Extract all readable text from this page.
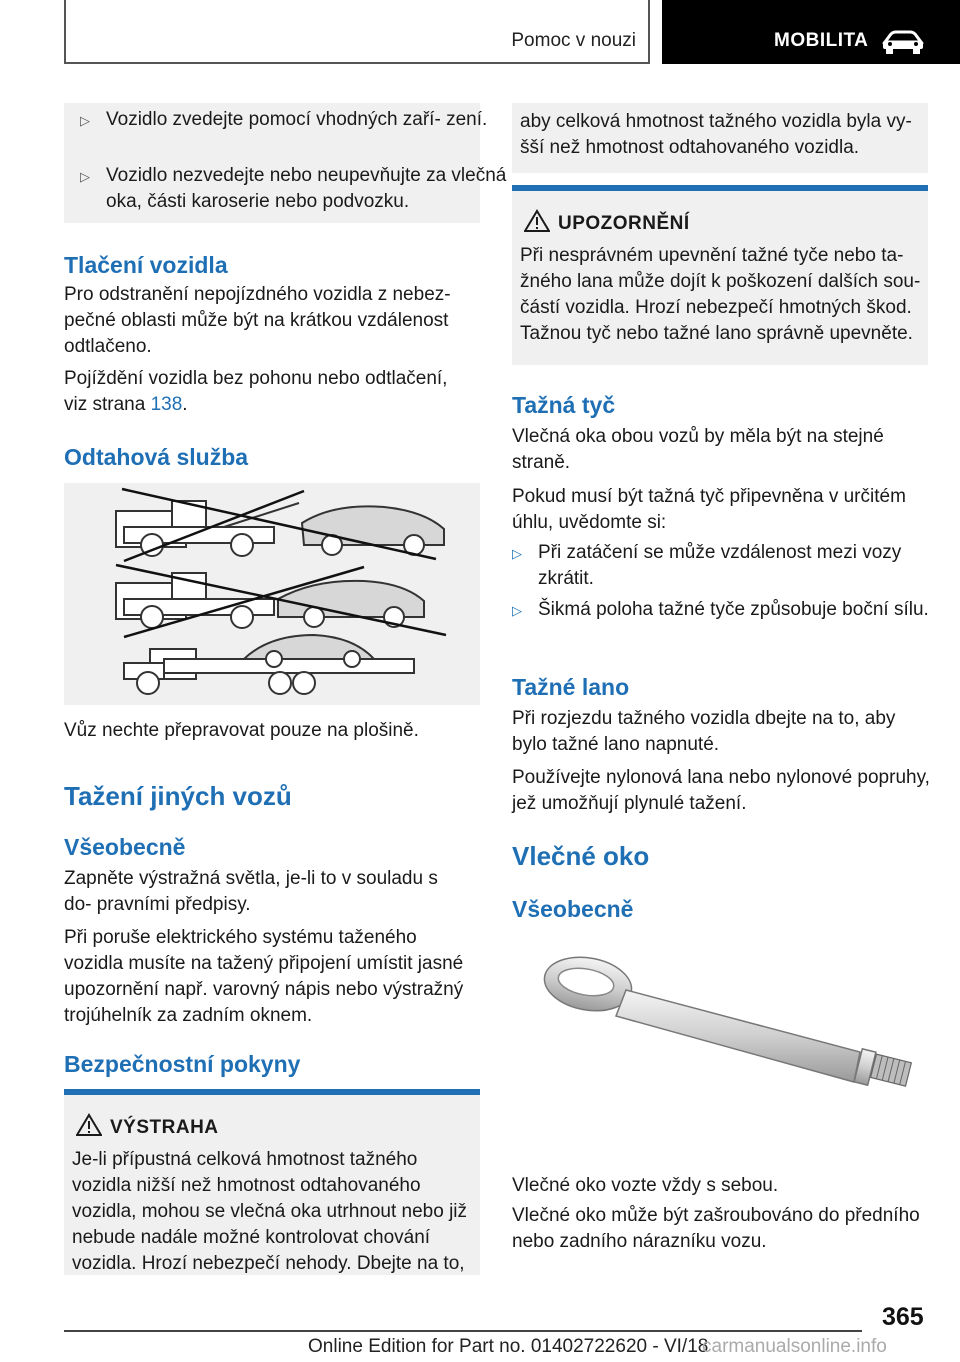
Pomoc v nouzi	MOBILITA
▷ Vozidlo zvedejte pomocí vhodných zaří‐ zení.
▷ Vozidlo nezvedejte nebo neupevňujte za vlečná oka, části karoserie nebo podvozku.
Tlačení vozidla

Pro odstranění nepojízdného vozidla z nebez‐ pečné oblasti může být na krátkou vzdálenost odtlačeno.

Pojíždění vozidla bez pohonu nebo odtlačení, viz strana 138.

Odtahová služba

Vůz nechte přepravovat pouze na plošině.

Tažení jiných vozů
Všeobecně

Zapněte výstražná světla, je-li to v souladu s do‐ pravními předpisy.

Při poruše elektrického systému taženého vozidla musíte na tažený připojení umístit jasné upozornění např. varovný nápis nebo výstražný trojúhelník za zadním oknem.

Bezpečnostní pokyny
VÝSTRAHA

Je-li přípustná celková hmotnost tažného vozidla nižší než hmotnost odtahovaného vozidla, mohou se vlečná oka utrhnout nebo již nebude nadále možné kontrolovat chování vozidla. Hrozí nebezpečí nehody. Dbejte na to,

aby celková hmotnost tažného vozidla byla vy‐ šší než hmotnost odtahovaného vozidla.

UPOZORNĚNÍ

Při nesprávném upevnění tažné tyče nebo ta‐ žného lana může dojít k poškození dalších sou‐ částí vozidla. Hrozí nebezpečí hmotných škod. Tažnou tyč nebo tažné lano správně upevněte.

Tažná tyč

Vlečná oka obou vozů by měla být na stejné straně.

Pokud musí být tažná tyč připevněna v určitém úhlu, uvědomte si:

▷ Při zatáčení se může vzdálenost mezi vozy zkrátit.
▷ Šikmá poloha tažné tyče způsobuje boční sílu.
Tažné lano

Při rozjezdu tažného vozidla dbejte na to, aby bylo tažné lano napnuté.

Používejte nylonová lana nebo nylonové popruhy, jež umožňují plynulé tažení.

Vlečné oko
Všeobecně

Vlečné oko vozte vždy s sebou.

Vlečné oko může být zašroubováno do předního nebo zadního nárazníku vozu.

365
Online Edition for Part no. 01402722620 - VI/18
carmanualsonline.info
